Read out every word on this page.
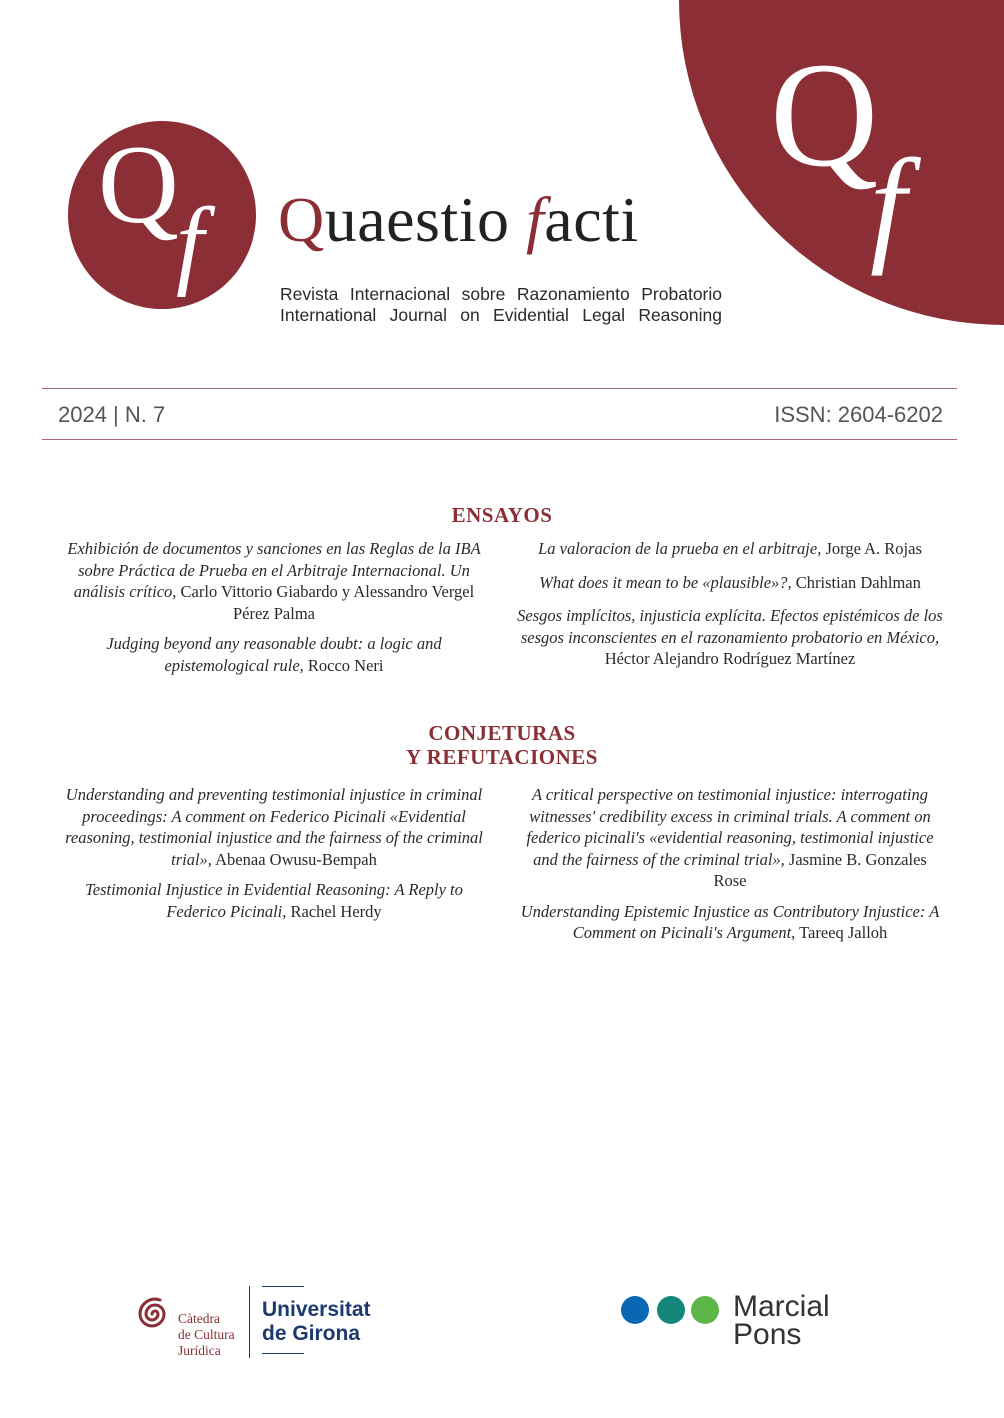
Q
f
Q
f Quaestio facti
Revista Internacional sobre Razonamiento Probatorio
International Journal on Evidential Legal Reasoning
2024 | N. 7	ISSN: 2604-6202
ENSAYOS
Exhibición de documentos y sanciones en las Reglas de la IBA sobre Práctica de Prueba en el Arbitraje Internacional. Un análisis crítico, Carlo Vittorio Giabardo y Alessandro Vergel Pérez Palma
Judging beyond any reasonable doubt: a logic and epistemological rule, Rocco Neri
La valoracion de la prueba en el arbitraje, Jorge A. Rojas
What does it mean to be «plausible»?, Christian Dahlman
Sesgos implícitos, injusticia explícita. Efectos epistémicos de los sesgos inconscientes en el razonamiento probatorio en México, Héctor Alejandro Rodríguez Martínez
CONJETURAS
Y REFUTACIONES
Understanding and preventing testimonial injustice in criminal proceedings: A comment on Federico Picinali «Evidential reasoning, testimonial injustice and the fairness of the criminal trial», Abenaa Owusu-Bempah
Testimonial Injustice in Evidential Reasoning: A Reply to Federico Picinali, Rachel Herdy
A critical perspective on testimonial injustice: interrogating witnesses' credibility excess in criminal trials. A comment on federico picinali's «evidential reasoning, testimonial injustice and the fairness of the criminal trial», Jasmine B. Gonzales Rose
Understanding Epistemic Injustice as Contributory Injustice: A Comment on Picinali's Argument, Tareeq Jalloh
Càtedra
de Cultura
Jurídica
Universitat
de Girona
Marcial
Pons
